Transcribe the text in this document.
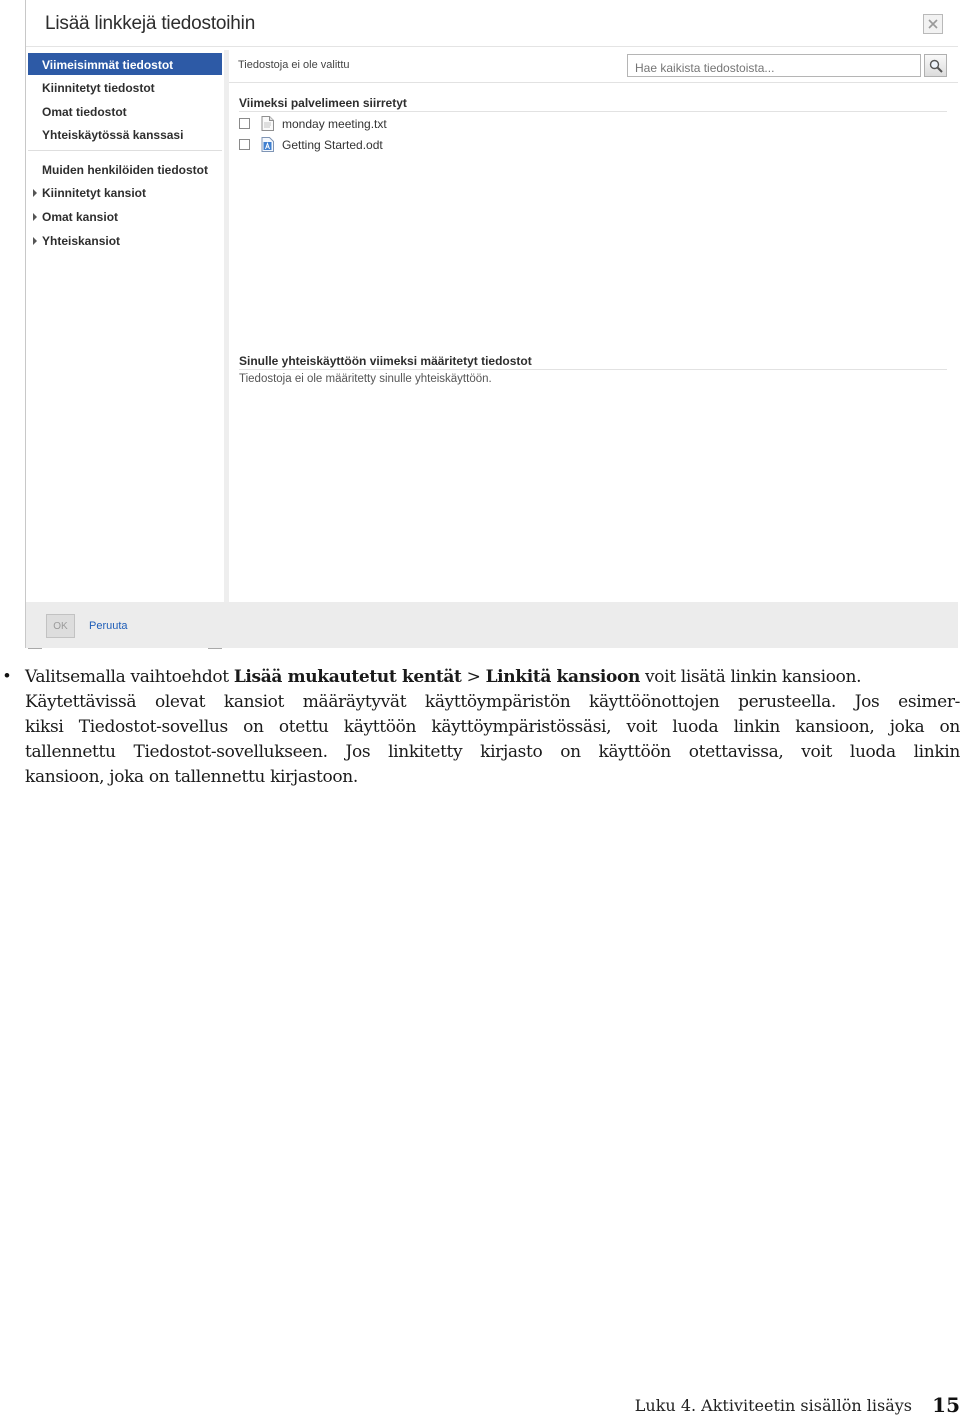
Lisää linkkejä tiedostoihin
Viimeisimmät tiedostot
Kiinnitetyt tiedostot
Omat tiedostot
Yhteiskäytössä kanssasi
Muiden henkilöiden tiedostot
Kiinnitetyt kansiot
Omat kansiot
Yhteiskansiot
Tiedostoja ei ole valittu
Hae kaikista tiedostoista...
Viimeksi palvelimeen siirretyt
monday meeting.txt
Getting Started.odt
Sinulle yhteiskäyttöön viimeksi määritetyt tiedostot
Tiedostoja ei ole määritetty sinulle yhteiskäyttöön.
OK	Peruuta
• Valitsemalla vaihtoehdot Lisää mukautetut kentät > Linkitä kansioon voit lisätä linkin kansioon.
Käytettävissä olevat kansiot määräytyvät käyttöympäristön käyttöönottojen perusteella. Jos esimer-
kiksi Tiedostot-sovellus on otettu käyttöön käyttöympäristössäsi, voit luoda linkin kansioon, joka on
tallennettu Tiedostot-sovellukseen. Jos linkitetty kirjasto on käyttöön otettavissa, voit luoda linkin
kansioon, joka on tallennettu kirjastoon.
Luku 4. Aktiviteetin sisällön lisäys 15
